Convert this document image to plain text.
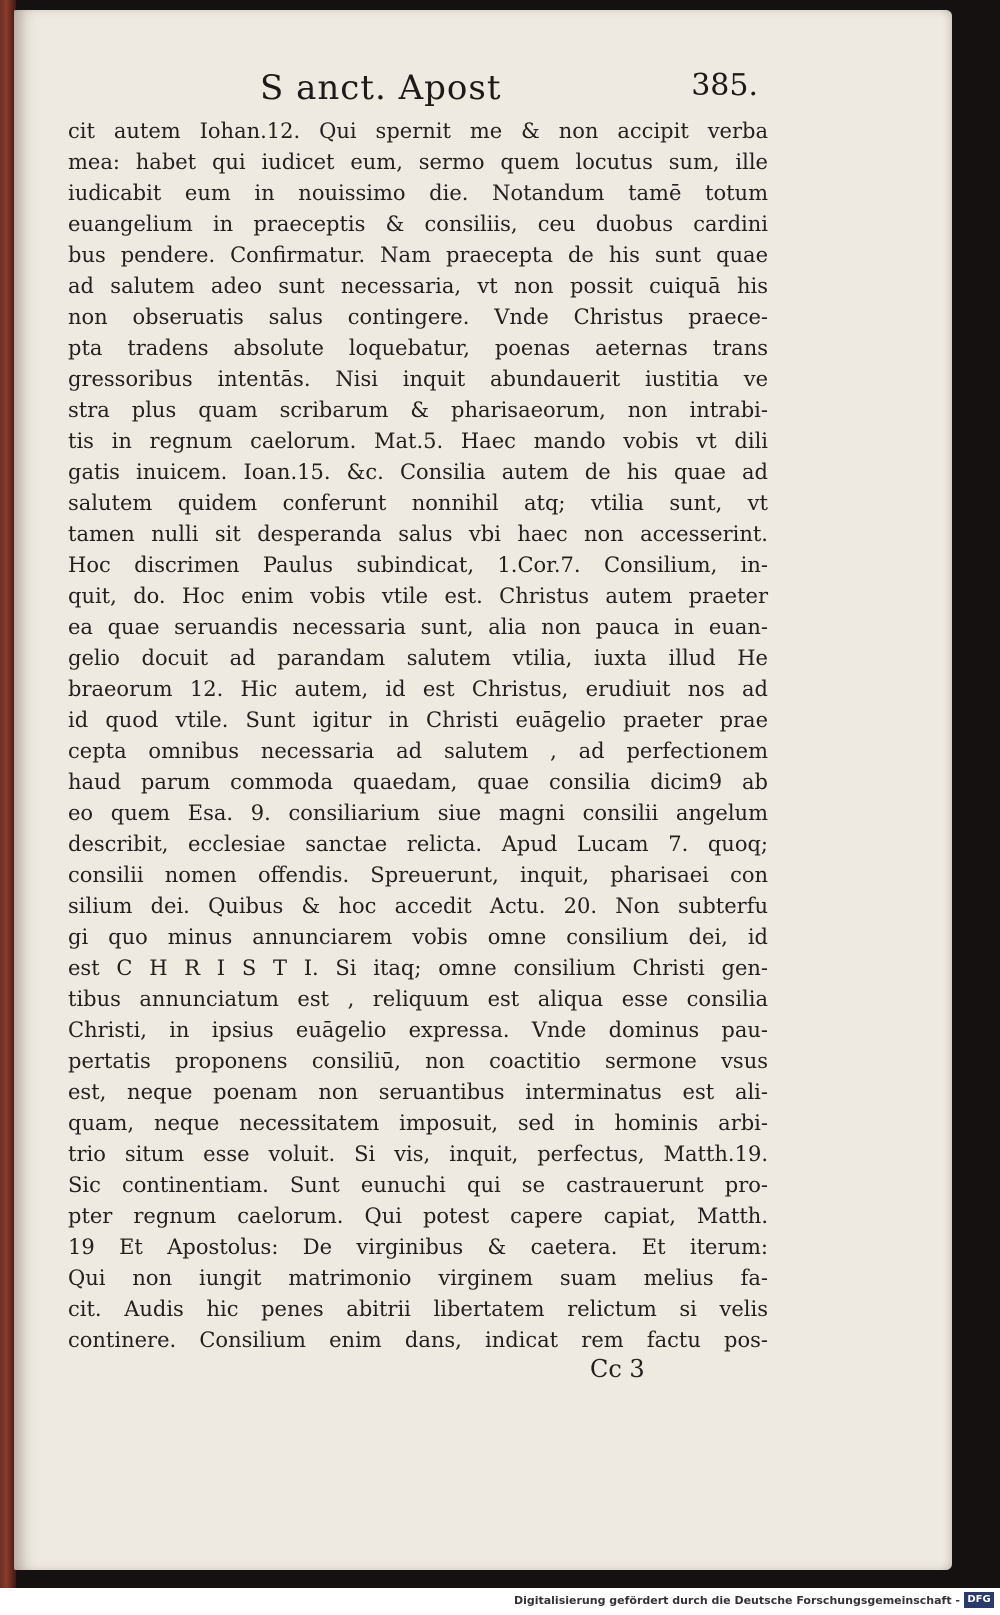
S anct. Apost	385.
cit autem Iohan.12. Qui spernit me & non accipit verba
mea: habet qui iudicet eum, sermo quem locutus sum, ille
iudicabit eum in nouissimo die. Notandum tamē totum
euangelium in praeceptis & consiliis, ceu duobus cardini
bus pendere. Confirmatur. Nam praecepta de his sunt quae
ad salutem adeo sunt necessaria, vt non possit cuiquā his
non obseruatis salus contingere. Vnde Christus praece-
pta tradens absolute loquebatur, poenas aeternas trans
gressoribus intentās. Nisi inquit abundauerit iustitia ve
stra plus quam scribarum & pharisaeorum, non intrabi-
tis in regnum caelorum. Mat.5. Haec mando vobis vt dili
gatis inuicem. Ioan.15. &c. Consilia autem de his quae ad
salutem quidem conferunt nonnihil atq; vtilia sunt, vt
tamen nulli sit desperanda salus vbi haec non accesserint.
Hoc discrimen Paulus subindicat, 1.Cor.7. Consilium, in-
quit, do. Hoc enim vobis vtile est. Christus autem praeter
ea quae seruandis necessaria sunt, alia non pauca in euan-
gelio docuit ad parandam salutem vtilia, iuxta illud He
braeorum 12. Hic autem, id est Christus, erudiuit nos ad
id quod vtile. Sunt igitur in Christi euāgelio praeter prae
cepta omnibus necessaria ad salutem , ad perfectionem
haud parum commoda quaedam, quae consilia dicim9 ab
eo quem Esa. 9. consiliarium siue magni consilii angelum
describit, ecclesiae sanctae relicta. Apud Lucam 7. quoq;
consilii nomen offendis. Spreuerunt, inquit, pharisaei con
silium dei. Quibus & hoc accedit Actu. 20. Non subterfu
gi quo minus annunciarem vobis omne consilium dei, id
est C H R I S T I. Si itaq; omne consilium Christi gen-
tibus annunciatum est , reliquum est aliqua esse consilia
Christi, in ipsius euāgelio expressa. Vnde dominus pau-
pertatis proponens consiliū, non coactitio sermone vsus
est, neque poenam non seruantibus interminatus est ali-
quam, neque necessitatem imposuit, sed in hominis arbi-
trio situm esse voluit. Si vis, inquit, perfectus, Matth.19.
Sic continentiam. Sunt eunuchi qui se castrauerunt pro-
pter regnum caelorum. Qui potest capere capiat, Matth.
19 Et Apostolus: De virginibus & caetera. Et iterum:
Qui non iungit matrimonio virginem suam melius fa-
cit. Audis hic penes abitrii libertatem relictum si velis
continere. Consilium enim dans, indicat rem factu pos-
Cc 3
Digitalisierung gefördert durch die Deutsche Forschungsgemeinschaft - DFG
